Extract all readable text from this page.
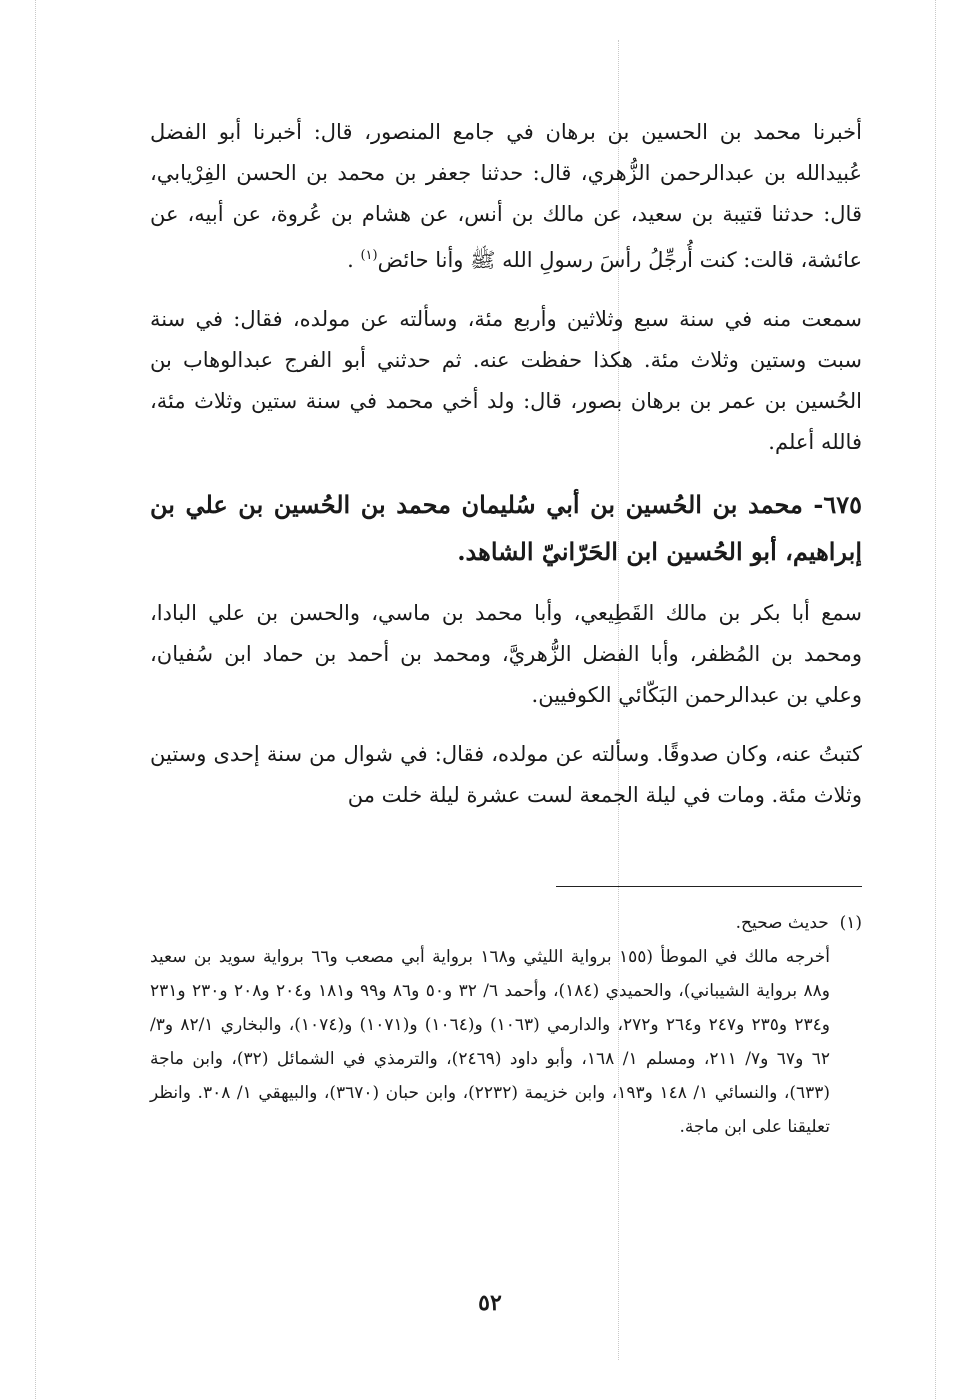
أخبرنا محمد بن الحسين بن برهان في جامع المنصور، قال: أخبرنا أبو الفضل عُبيدالله بن عبدالرحمن الزُّهري، قال: حدثنا جعفر بن محمد بن الحسن الفِرْيابي، قال: حدثنا قتيبة بن سعيد، عن مالك بن أنس، عن هشام بن عُروة، عن أبيه، عن عائشة، قالت: كنت أُرجِّلُ رأسَ رسولِ الله ﷺ وأنا حائض$^{(١)}$ .

سمعت منه في سنة سبع وثلاثين وأربع مئة، وسألته عن مولده، فقال: في سنة سبت وستين وثلاث مئة. هكذا حفظت عنه. ثم حدثني أبو الفرج عبدالوهاب بن الحُسين بن عمر بن برهان بصور، قال: ولد أخي محمد في سنة ستين وثلاث مئة، فالله أعلم.

٦٧٥- محمد بن الحُسين بن أبي سُليمان محمد بن الحُسين بن علي بن إبراهيم، أبو الحُسين ابن الحَرّانيّ الشاهد.

سمع أبا بكر بن مالك القَطِيعي، وأبا محمد بن ماسي، والحسن بن علي البادا، ومحمد بن المُظفر، وأبا الفضل الزُّهريَّ، ومحمد بن أحمد بن حماد ابن سُفيان، وعلي بن عبدالرحمن البَكّائي الكوفيين.

كتبتُ عنه، وكان صدوقًا. وسألته عن مولده، فقال: في شوال من سنة إحدى وستين وثلاث مئة. ومات في ليلة الجمعة لست عشرة ليلة خلت من

(١)  حديث صحيح.

أخرجه مالك في الموطأ (١٥٥ برواية الليثي و١٦٨ برواية أبي مصعب و٦٦ برواية سويد بن سعيد و٨٨ برواية الشيباني)، والحميدي (١٨٤)، وأحمد ٦/ ٣٢ و٥٠ و٨٦ و٩٩ و١٨١ و٢٠٤ و٢٠٨ و٢٣٠ و٢٣١ و٢٣٤ و٢٣٥ و٢٤٧ و٢٦٤ و٢٧٢، والدارمي (١٠٦٣) و(١٠٦٤) و(١٠٧١) و(١٠٧٤)، والبخاري ٨٢/١ و٣/ ٦٢ و٦٧ و٧/ ٢١١، ومسلم ١/ ١٦٨، وأبو داود (٢٤٦٩)، والترمذي في الشمائل (٣٢)، وابن ماجة (٦٣٣)، والنسائي ١/ ١٤٨ و١٩٣، وابن خزيمة (٢٢٣٢)، وابن حبان (٣٦٧٠)، والبيهقي ١/ ٣٠٨. وانظر تعليقنا على ابن ماجة.

٥٢
